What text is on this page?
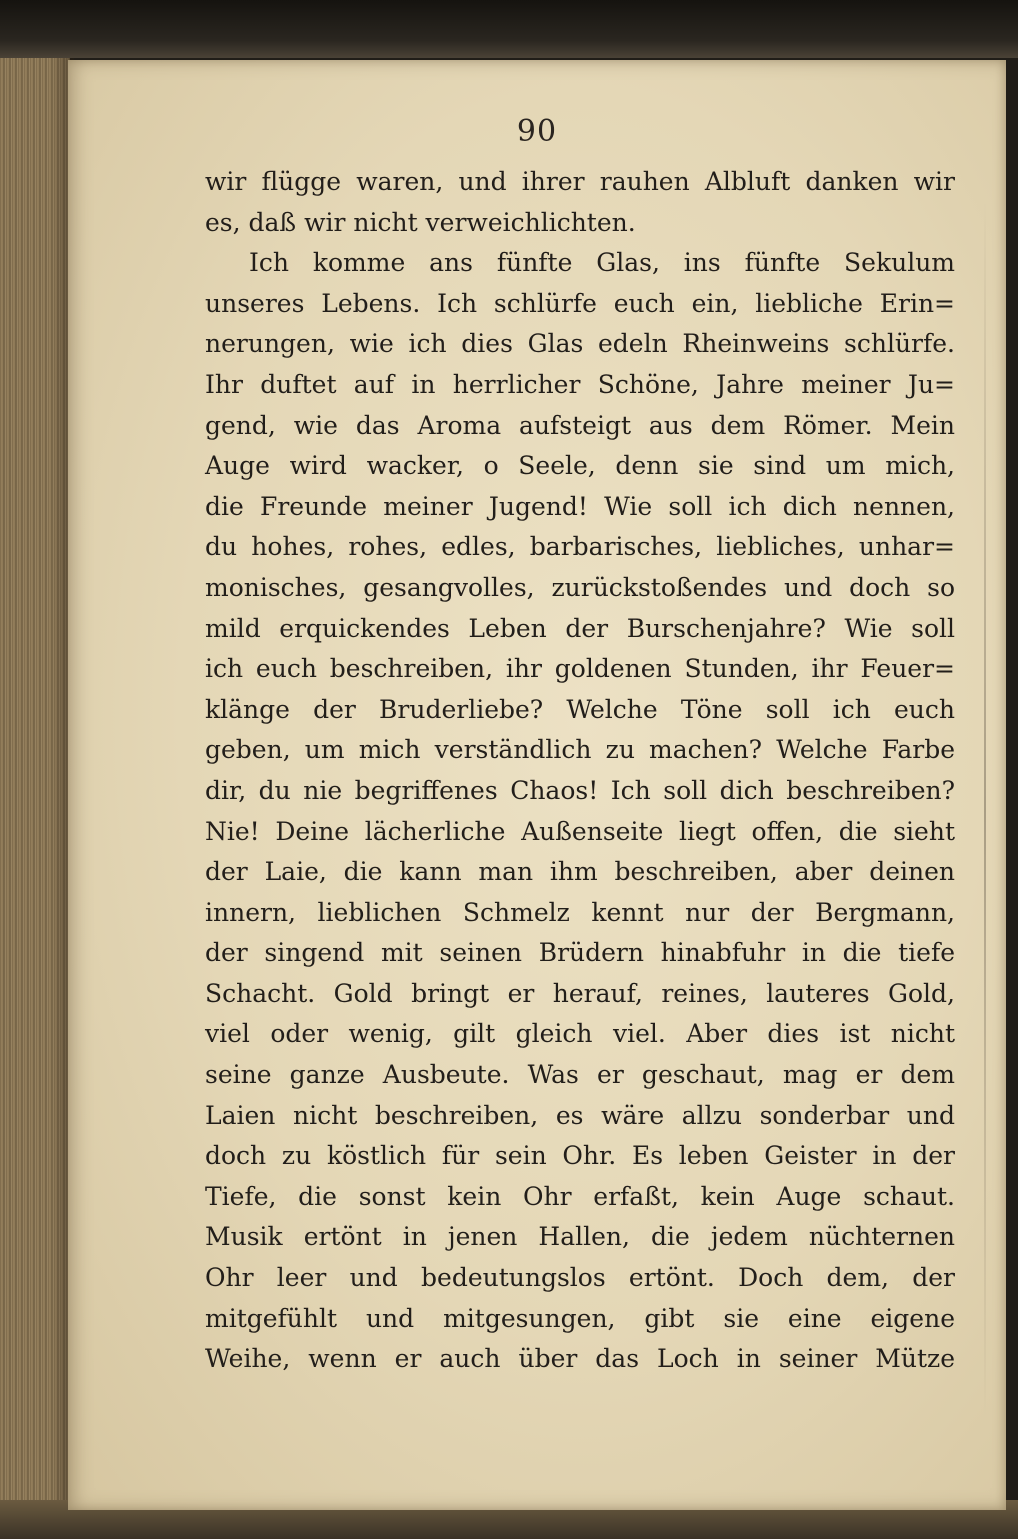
90
wir flügge waren, und ihrer rauhen Albluft danken wir
es, daß wir nicht verweichlichten.
Ich komme ans fünfte Glas, ins fünfte Sekulum
unseres Lebens. Ich schlürfe euch ein, liebliche Erin=
nerungen, wie ich dies Glas edeln Rheinweins schlürfe.
Ihr duftet auf in herrlicher Schöne, Jahre meiner Ju=
gend, wie das Aroma aufsteigt aus dem Römer. Mein
Auge wird wacker, o Seele, denn sie sind um mich,
die Freunde meiner Jugend! Wie soll ich dich nennen,
du hohes, rohes, edles, barbarisches, liebliches, unhar=
monisches, gesangvolles, zurückstoßendes und doch so
mild erquickendes Leben der Burschenjahre? Wie soll
ich euch beschreiben, ihr goldenen Stunden, ihr Feuer=
klänge der Bruderliebe? Welche Töne soll ich euch
geben, um mich verständlich zu machen? Welche Farbe
dir, du nie begriffenes Chaos! Ich soll dich beschreiben?
Nie! Deine lächerliche Außenseite liegt offen, die sieht
der Laie, die kann man ihm beschreiben, aber deinen
innern, lieblichen Schmelz kennt nur der Bergmann,
der singend mit seinen Brüdern hinabfuhr in die tiefe
Schacht. Gold bringt er herauf, reines, lauteres Gold,
viel oder wenig, gilt gleich viel. Aber dies ist nicht
seine ganze Ausbeute. Was er geschaut, mag er dem
Laien nicht beschreiben, es wäre allzu sonderbar und
doch zu köstlich für sein Ohr. Es leben Geister in der
Tiefe, die sonst kein Ohr erfaßt, kein Auge schaut.
Musik ertönt in jenen Hallen, die jedem nüchternen
Ohr leer und bedeutungslos ertönt. Doch dem, der
mitgefühlt und mitgesungen, gibt sie eine eigene
Weihe, wenn er auch über das Loch in seiner Mütze
